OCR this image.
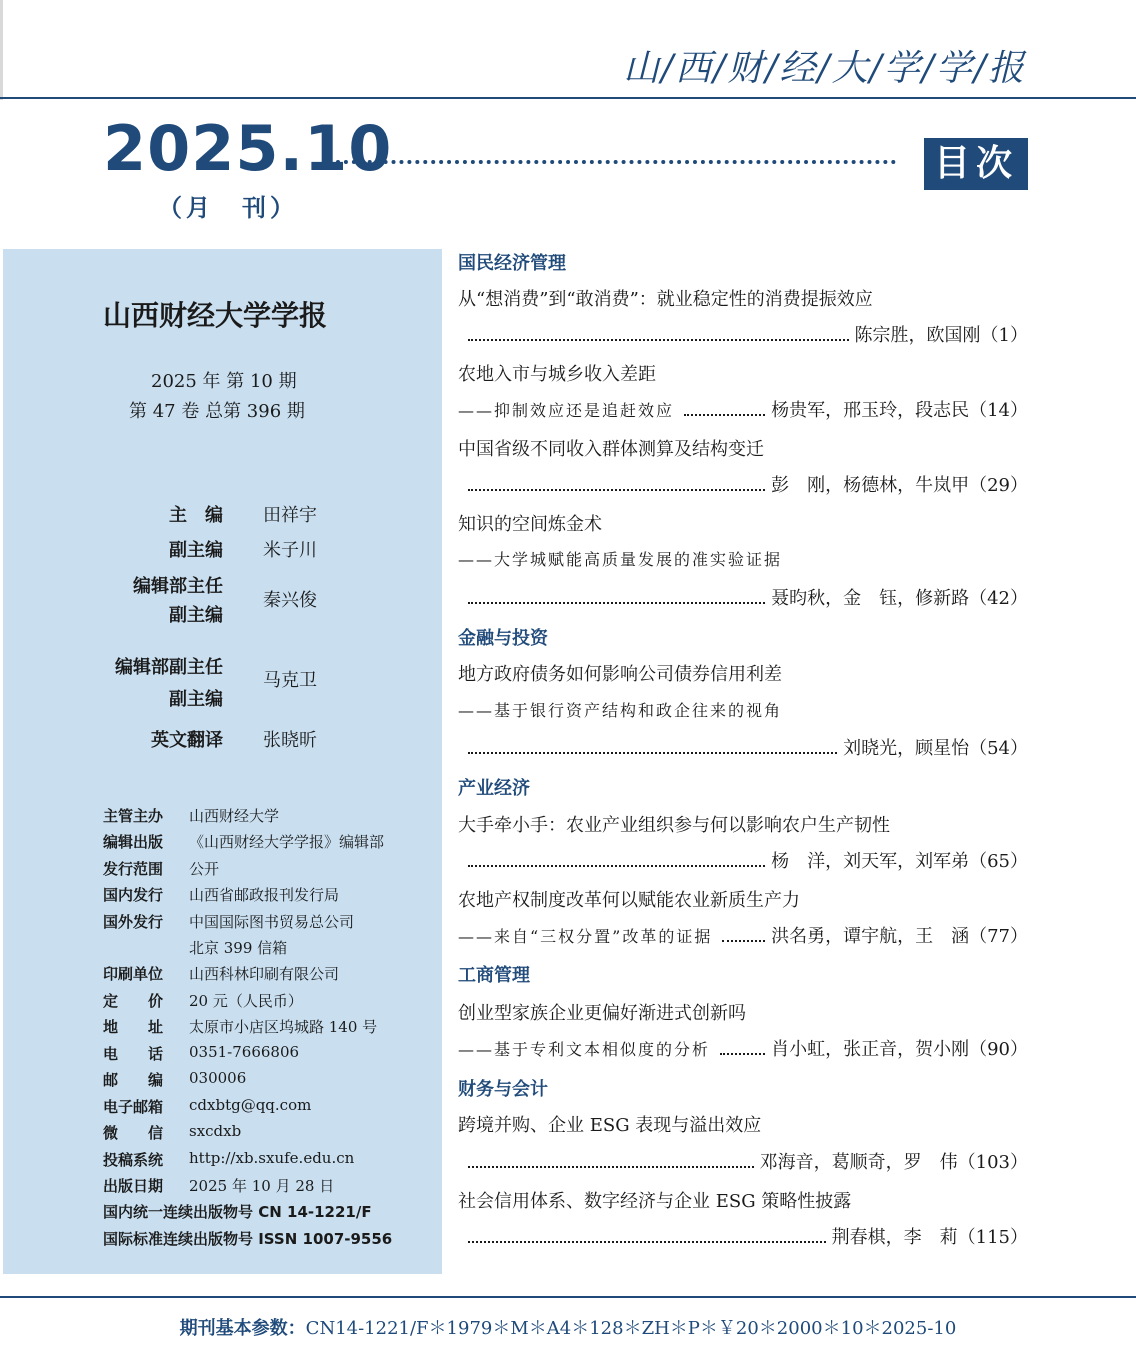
山/西/财/经/大/学/学/报
2025.10	目次
（月　刊）
山西财经大学学报
2025 年 第 10 期
第 47 卷 总第 396 期
主　编 田祥宇
副主编 米子川
编辑部主任
副主编
秦兴俊
编辑部副主任
副主编
马克卫
英文翻译 张晓昕
主管主办 山西财经大学
编辑出版 《山西财经大学学报》编辑部
发行范围 公开
国内发行 山西省邮政报刊发行局
国外发行 中国国际图书贸易总公司
北京 399 信箱
印刷单位 山西科林印刷有限公司
定　　价 20 元（人民币）
地　　址 太原市小店区坞城路 140 号
电　　话 0351-7666806
邮　　编 030006
电子邮箱 cdxbtg@qq.com
微　　信 sxcdxb
投稿系统 http://xb.sxufe.edu.cn
出版日期 2025 年 10 月 28 日
国内统一连续出版物号 CN 14-1221/F
国际标准连续出版物号 ISSN 1007-9556
国民经济管理
从“想消费”到“敢消费”：就业稳定性的消费提振效应
陈宗胜，欧国刚（1）
农地入市与城乡收入差距
——抑制效应还是追赶效应	杨贵军，邢玉玲，段志民（14）
中国省级不同收入群体测算及结构变迁
彭　刚，杨德林，牛岚甲（29）
知识的空间炼金术
——大学城赋能高质量发展的准实验证据
聂昀秋，金　钰，修新路（42）
金融与投资
地方政府债务如何影响公司债券信用利差
——基于银行资产结构和政企往来的视角
刘晓光，顾星怡（54）
产业经济
大手牵小手：农业产业组织参与何以影响农户生产韧性
杨　洋，刘天军，刘军弟（65）
农地产权制度改革何以赋能农业新质生产力
——来自“三权分置”改革的证据	洪名勇，谭宇航，王　涵（77）
工商管理
创业型家族企业更偏好渐进式创新吗
——基于专利文本相似度的分析	肖小虹，张正音，贺小刚（90）
财务与会计
跨境并购、企业 ESG 表现与溢出效应
邓海音，葛顺奇，罗　伟（103）
社会信用体系、数字经济与企业 ESG 策略性披露
荆春棋，李　莉（115）
期刊基本参数：CN14-1221/F＊1979＊M＊A4＊128＊ZH＊P＊￥20＊2000＊10＊2025-10
